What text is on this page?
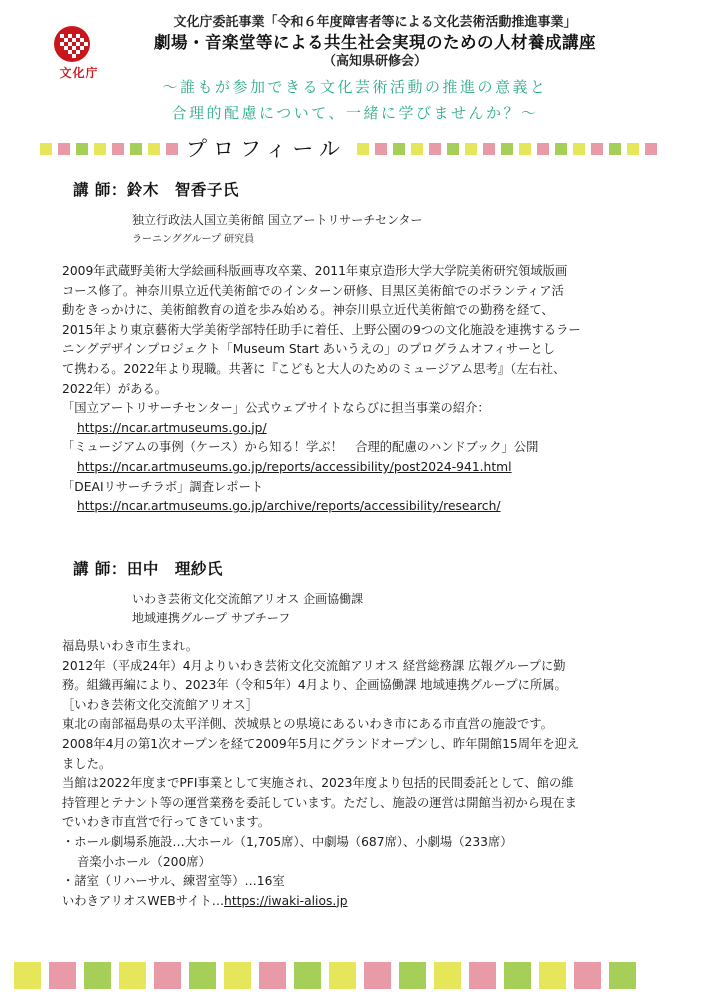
文化庁
文化庁委託事業「令和６年度障害者等による文化芸術活動推進事業」
劇場・音楽堂等による共生社会実現のための人材養成講座
（高知県研修会）
～誰もが参加できる文化芸術活動の推進の意義と
合理的配慮について、一緒に学びませんか？～
プロフィール
講 師：鈴木　智香子氏
独立行政法人国立美術館 国立アートリサーチセンター
ラーニンググループ 研究員

2009年武蔵野美術大学絵画科版画専攻卒業、2011年東京造形大学大学院美術研究領域版画

コース修了。神奈川県立近代美術館でのインターン研修、目黒区美術館でのボランティア活

動をきっかけに、美術館教育の道を歩み始める。神奈川県立近代美術館での勤務を経て、

2015年より東京藝術大学美術学部特任助手に着任、上野公園の9つの文化施設を連携するラー

ニングデザインプロジェクト「Museum Start あいうえの」のプログラムオフィサーとし

て携わる。2022年より現職。共著に『こどもと大人のためのミュージアム思考』（左右社、

2022年）がある。

「国立アートリサーチセンター」公式ウェブサイトならびに担当事業の紹介：

https://ncar.artmuseums.go.jp/

「ミュージアムの事例（ケース）から知る！学ぶ！　合理的配慮のハンドブック」公開

https://ncar.artmuseums.go.jp/reports/accessibility/post2024-941.html

「DEAIリサーチラボ」調査レポート

https://ncar.artmuseums.go.jp/archive/reports/accessibility/research/

講 師：田中　理紗氏
いわき芸術文化交流館アリオス 企画協働課
地域連携グループ サブチーフ

福島県いわき市生まれ。

2012年（平成24年）4月よりいわき芸術文化交流館アリオス 経営総務課 広報グループに勤

務。組織再編により、2023年（令和5年）4月より、企画協働課 地域連携グループに所属。

［いわき芸術文化交流館アリオス］

東北の南部福島県の太平洋側、茨城県との県境にあるいわき市にある市直営の施設です。

2008年4月の第1次オープンを経て2009年5月にグランドオープンし、昨年開館15周年を迎え

ました。

当館は2022年度までPFI事業として実施され、2023年度より包括的民間委託として、館の維

持管理とテナント等の運営業務を委託しています。ただし、施設の運営は開館当初から現在ま

でいわき市直営で行ってきています。

・ホール劇場系施設…大ホール（1,705席）、中劇場（687席）、小劇場（233席）

音楽小ホール（200席）

・諸室（リハーサル、練習室等）…16室

いわきアリオスWEBサイト…https://iwaki-alios.jp
